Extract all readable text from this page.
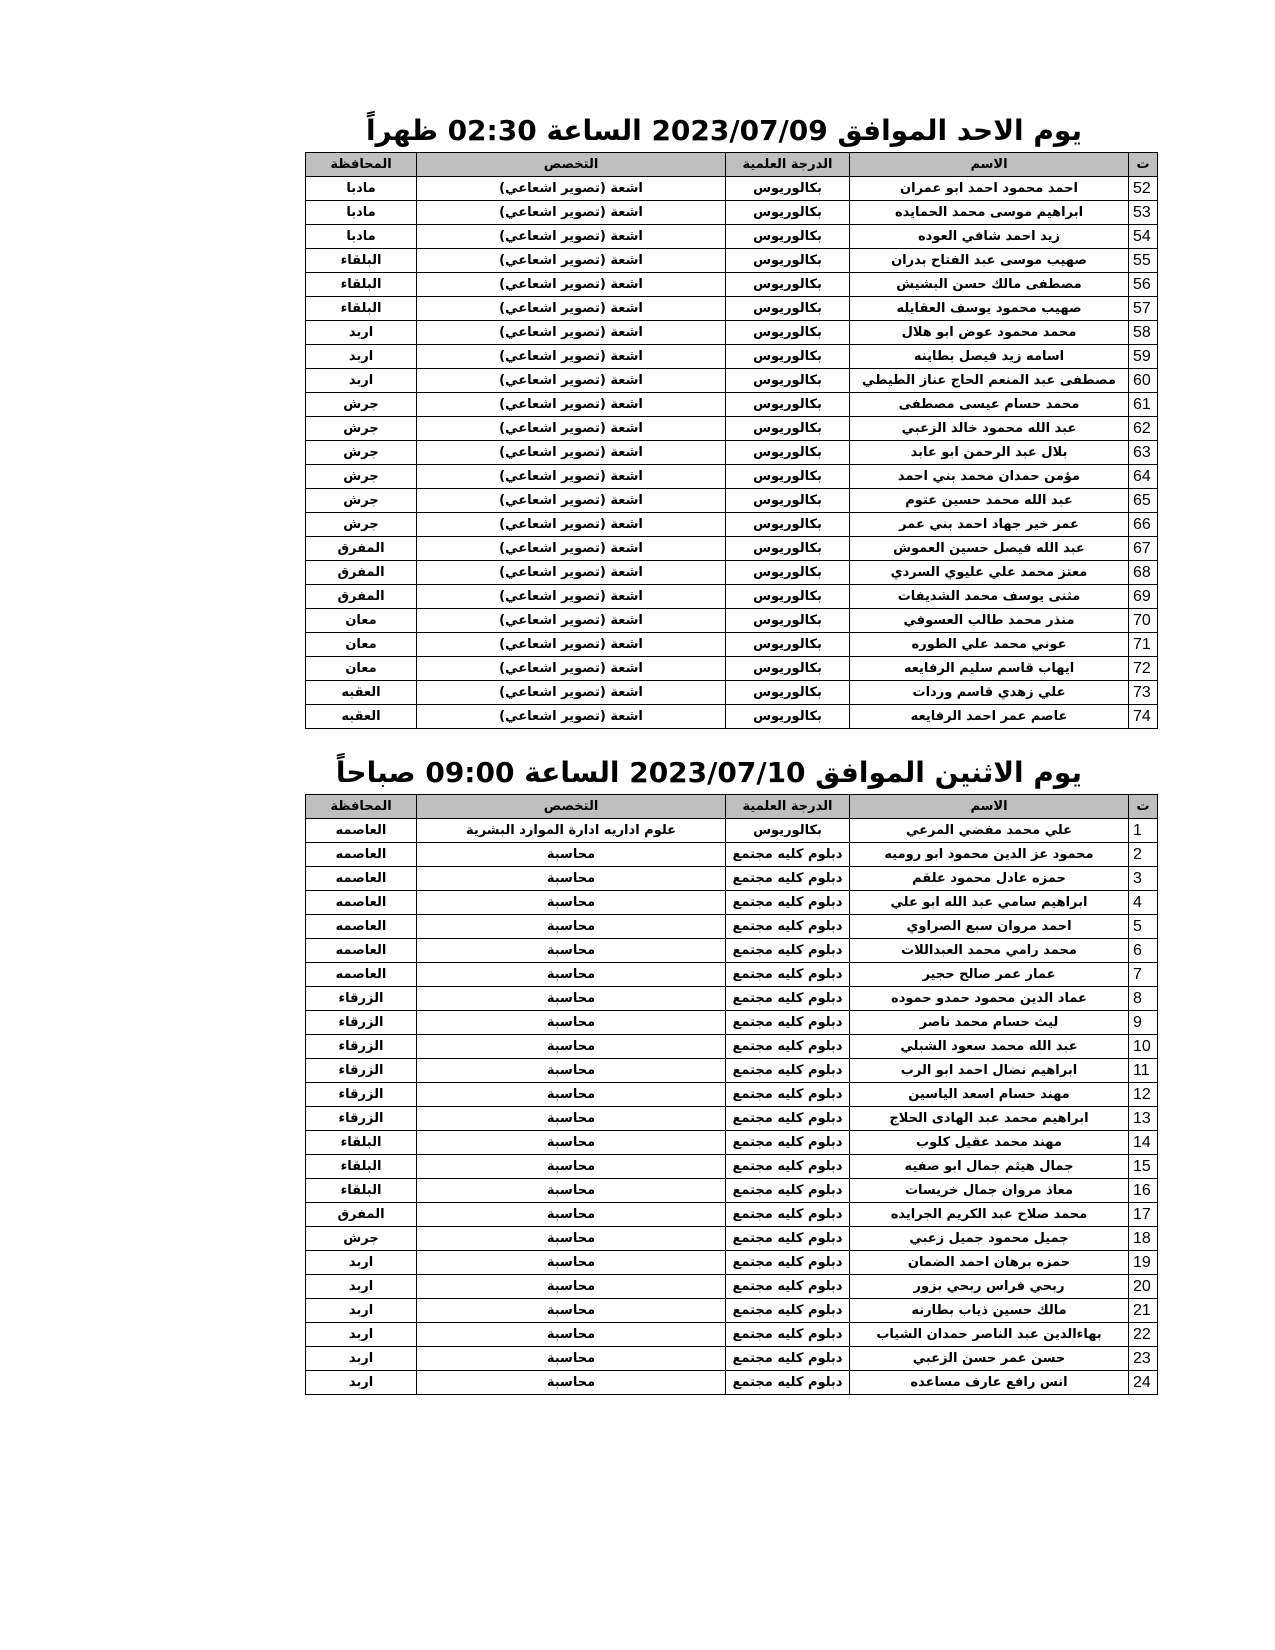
يوم الاحد الموافق 2023/07/09 الساعة 02:30 ظهراً
ت	الاسم	الدرجة العلمية	التخصص	المحافظة
52	احمد محمود احمد ابو عمران	بكالوريوس	اشعة (تصوير اشعاعي)	مادبا
53	ابراهيم موسى محمد الحمايده	بكالوريوس	اشعة (تصوير اشعاعي)	مادبا
54	زيد احمد شافي العوده	بكالوريوس	اشعة (تصوير اشعاعي)	مادبا
55	صهيب موسى عبد الفتاح بدران	بكالوريوس	اشعة (تصوير اشعاعي)	البلقاء
56	مصطفى مالك حسن البشيش	بكالوريوس	اشعة (تصوير اشعاعي)	البلقاء
57	صهيب محمود يوسف العقايله	بكالوريوس	اشعة (تصوير اشعاعي)	البلقاء
58	محمد محمود عوض ابو هلال	بكالوريوس	اشعة (تصوير اشعاعي)	اربد
59	اسامه زيد فيصل بطاينه	بكالوريوس	اشعة (تصوير اشعاعي)	اربد
60	مصطفى عبد المنعم الحاج عناز الطيطي	بكالوريوس	اشعة (تصوير اشعاعي)	اربد
61	محمد حسام عيسى مصطفى	بكالوريوس	اشعة (تصوير اشعاعي)	جرش
62	عبد الله محمود خالد الزعبي	بكالوريوس	اشعة (تصوير اشعاعي)	جرش
63	بلال عبد الرحمن ابو عابد	بكالوريوس	اشعة (تصوير اشعاعي)	جرش
64	مؤمن حمدان محمد بني احمد	بكالوريوس	اشعة (تصوير اشعاعي)	جرش
65	عبد الله محمد حسين عتوم	بكالوريوس	اشعة (تصوير اشعاعي)	جرش
66	عمر خير جهاد احمد بني عمر	بكالوريوس	اشعة (تصوير اشعاعي)	جرش
67	عبد الله فيصل حسين العموش	بكالوريوس	اشعة (تصوير اشعاعي)	المفرق
68	معتز محمد علي عليوي السردي	بكالوريوس	اشعة (تصوير اشعاعي)	المفرق
69	مثنى يوسف محمد الشديفات	بكالوريوس	اشعة (تصوير اشعاعي)	المفرق
70	منذر محمد طالب العسوفي	بكالوريوس	اشعة (تصوير اشعاعي)	معان
71	عوني محمد علي الطوره	بكالوريوس	اشعة (تصوير اشعاعي)	معان
72	ايهاب قاسم سليم الرفايعه	بكالوريوس	اشعة (تصوير اشعاعي)	معان
73	علي زهدي قاسم وردات	بكالوريوس	اشعة (تصوير اشعاعي)	العقبه
74	عاصم عمر احمد الرفايعه	بكالوريوس	اشعة (تصوير اشعاعي)	العقبه
يوم الاثنين الموافق 2023/07/10 الساعة 09:00 صباحاً
ت	الاسم	الدرجة العلمية	التخصص	المحافظة
1	علي محمد مفضي المرعي	بكالوريوس	علوم اداريه ادارة الموارد البشرية	العاصمه
2	محمود عز الدين محمود ابو روميه	دبلوم كليه مجتمع	محاسبة	العاصمه
3	حمزه عادل محمود علقم	دبلوم كليه مجتمع	محاسبة	العاصمه
4	ابراهيم سامي عبد الله ابو علي	دبلوم كليه مجتمع	محاسبة	العاصمه
5	احمد مروان سبع الصراوي	دبلوم كليه مجتمع	محاسبة	العاصمه
6	محمد رامي محمد العبداللات	دبلوم كليه مجتمع	محاسبة	العاصمه
7	عمار عمر صالح حجير	دبلوم كليه مجتمع	محاسبة	العاصمه
8	عماد الدين محمود حمدو حموده	دبلوم كليه مجتمع	محاسبة	الزرقاء
9	ليث حسام محمد ناصر	دبلوم كليه مجتمع	محاسبة	الزرقاء
10	عبد الله محمد سعود الشبلي	دبلوم كليه مجتمع	محاسبة	الزرقاء
11	ابراهيم نضال احمد ابو الرب	دبلوم كليه مجتمع	محاسبة	الزرقاء
12	مهند حسام اسعد الياسين	دبلوم كليه مجتمع	محاسبة	الزرقاء
13	ابراهيم محمد عبد الهادى الحلاج	دبلوم كليه مجتمع	محاسبة	الزرقاء
14	مهند محمد عقيل كلوب	دبلوم كليه مجتمع	محاسبة	البلقاء
15	جمال هيثم جمال ابو صفيه	دبلوم كليه مجتمع	محاسبة	البلقاء
16	معاذ مروان جمال خريسات	دبلوم كليه مجتمع	محاسبة	البلقاء
17	محمد صلاح عبد الكريم الجرايده	دبلوم كليه مجتمع	محاسبة	المفرق
18	جميل محمود جميل زعبي	دبلوم كليه مجتمع	محاسبة	جرش
19	حمزه برهان احمد الضمان	دبلوم كليه مجتمع	محاسبة	اربد
20	ربحي فراس ربحي بزور	دبلوم كليه مجتمع	محاسبة	اربد
21	مالك حسين ذياب بطارنه	دبلوم كليه مجتمع	محاسبة	اربد
22	بهاءالدين عبد الناصر حمدان الشياب	دبلوم كليه مجتمع	محاسبة	اربد
23	حسن عمر حسن الزعبي	دبلوم كليه مجتمع	محاسبة	اربد
24	انس رافع عارف مساعده	دبلوم كليه مجتمع	محاسبة	اربد
